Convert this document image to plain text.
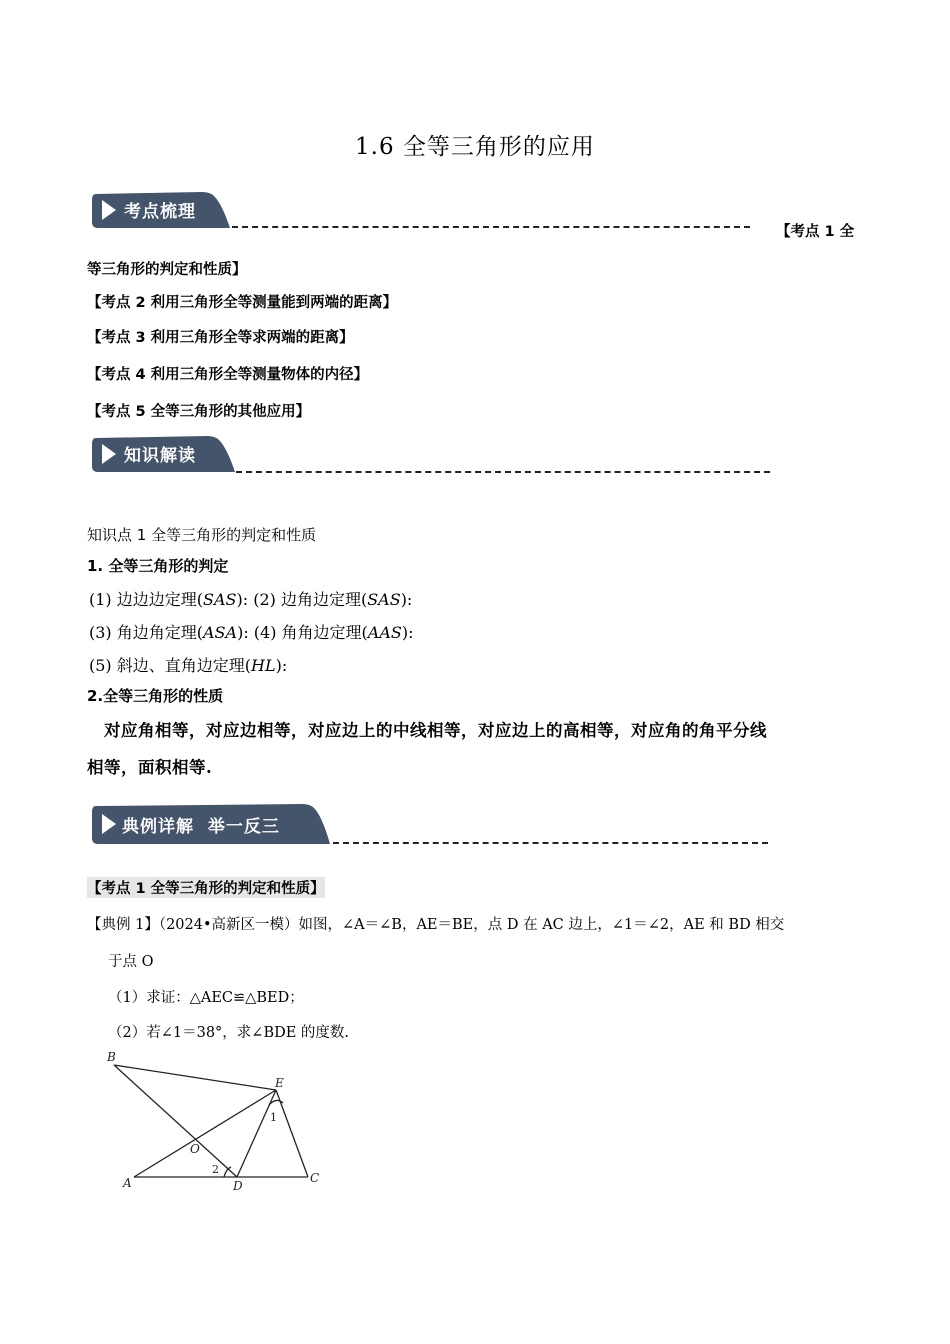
1.6 全等三角形的应用
考点梳理
【考点 1 全
等三角形的判定和性质】
【考点 2 利用三角形全等测量能到两端的距离】
【考点 3 利用三角形全等求两端的距离】
【考点 4 利用三角形全等测量物体的内径】
【考点 5 全等三角形的其他应用】
知识解读
知识点 1 全等三角形的判定和性质
1. 全等三角形的判定
(1) 边边边定理(SAS): (2) 边角边定理(SAS):
(3) 角边角定理(ASA): (4) 角角边定理(AAS):
(5) 斜边、直角边定理(HL):
2.全等三角形的性质
对应角相等，对应边相等，对应边上的中线相等，对应边上的高相等，对应角的角平分线
相等，面积相等.
典例详解  举一反三
【考点 1 全等三角形的判定和性质】
【典例 1】（2024•高新区一模）如图，∠A＝∠B，AE＝BE，点 D 在 AC 边上，∠1＝∠2，AE 和 BD 相交
于点 O
（1）求证：△AEC≌△BED；
（2）若∠1＝38°，求∠BDE 的度数.
B
E
O
A	D
C
1
2
